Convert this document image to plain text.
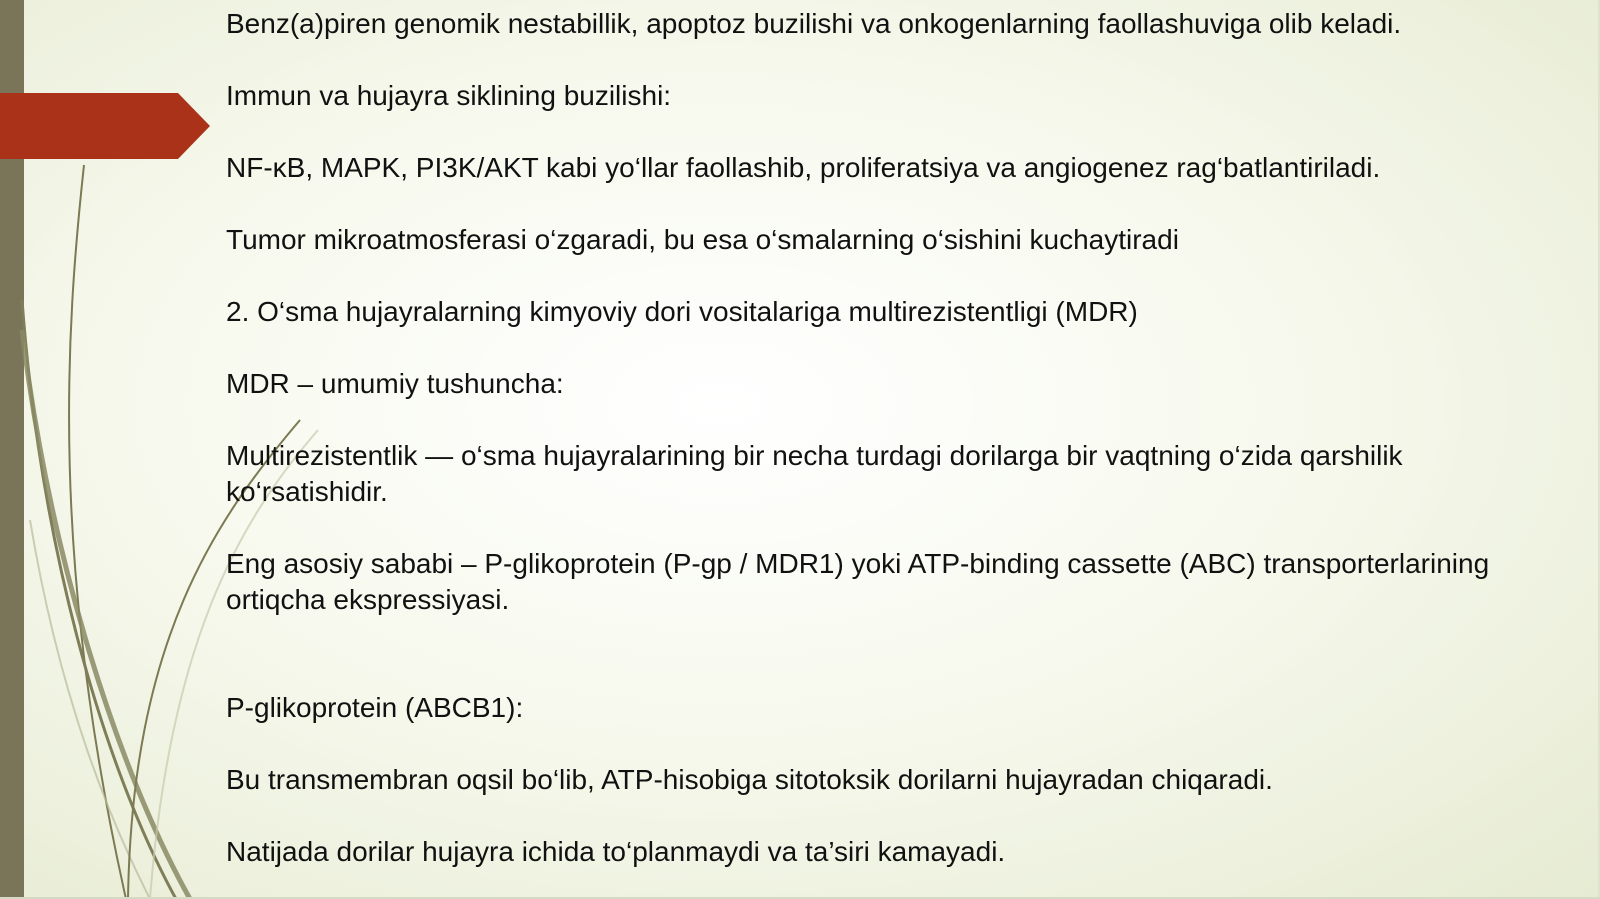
Benz(a)piren genomik nestabillik, apoptoz buzilishi va onkogenlarning faollashuviga olib keladi.

Immun va hujayra siklining buzilishi:

NF-κB, MAPK, PI3K/AKT kabi yo‘llar faollashib, proliferatsiya va angiogenez rag‘batlantiriladi.

Tumor mikroatmosferasi o‘zgaradi, bu esa o‘smalarning o‘sishini kuchaytiradi

2. O‘sma hujayralarning kimyoviy dori vositalariga multirezistentligi (MDR)

MDR – umumiy tushuncha:

Multirezistentlik — o‘sma hujayralarining bir necha turdagi dorilarga bir vaqtning o‘zida qarshilik ko‘rsatishidir.

Eng asosiy sababi – P-glikoprotein (P-gp / MDR1) yoki ATP-binding cassette (ABC) transporterlarining ortiqcha ekspressiyasi.

P-glikoprotein (ABCB1):

Bu transmembran oqsil bo‘lib, ATP-hisobiga sitotoksik dorilarni hujayradan chiqaradi.

Natijada dorilar hujayra ichida to‘planmaydi va ta’siri kamayadi.
